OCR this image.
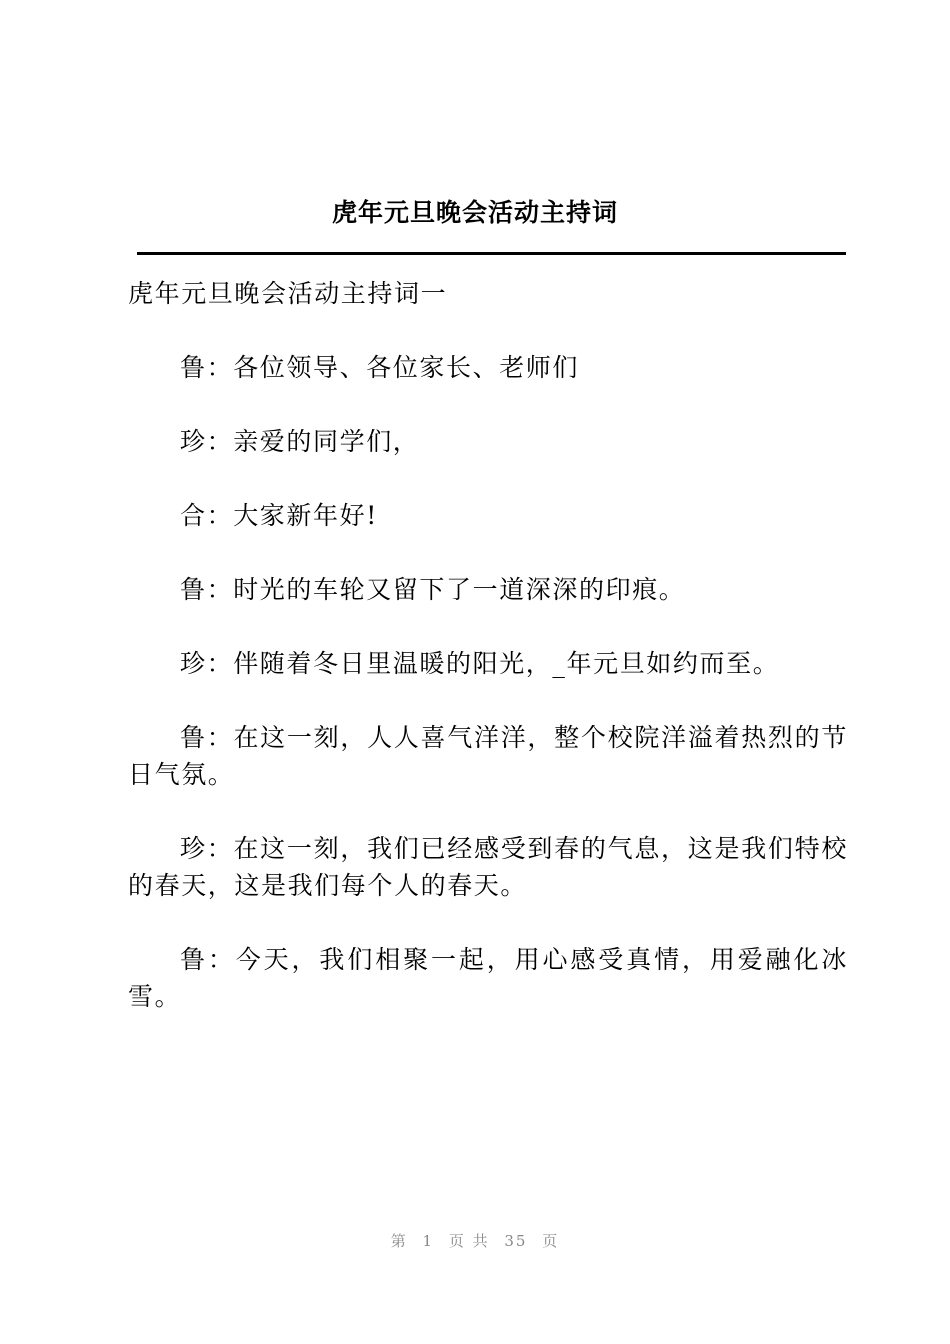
虎年元旦晚会活动主持词

虎年元旦晚会活动主持词一

鲁：各位领导、各位家长、老师们

珍：亲爱的同学们，

合：大家新年好!

鲁：时光的车轮又留下了一道深深的印痕。

珍：伴随着冬日里温暖的阳光，_年元旦如约而至。

鲁：在这一刻，人人喜气洋洋，整个校院洋溢着热烈的节日气氛。

珍：在这一刻，我们已经感受到春的气息，这是我们特校的春天，这是我们每个人的春天。

鲁：今天，我们相聚一起，用心感受真情，用爱融化冰雪。

第 1 页 共 35 页
